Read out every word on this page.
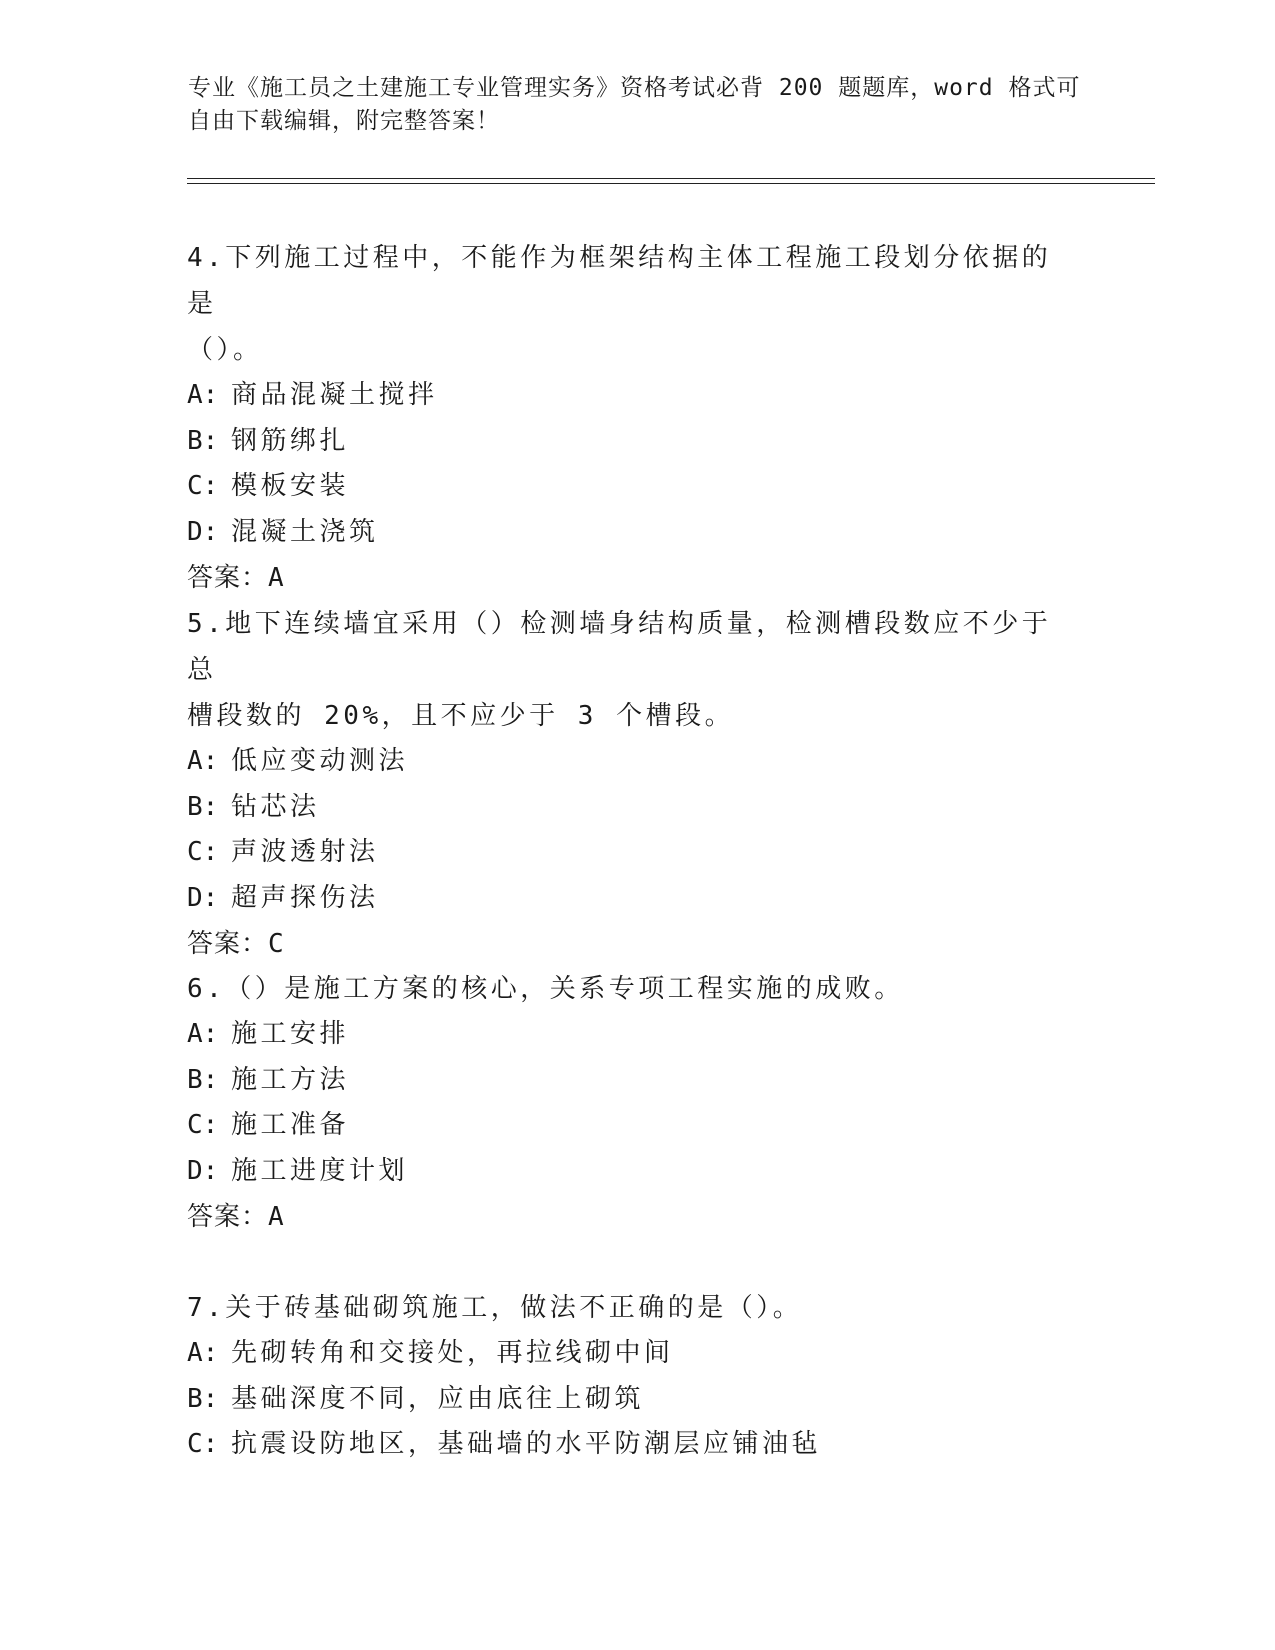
专业《施工员之土建施工专业管理实务》资格考试必背 200 题题库，word 格式可
自由下载编辑，附完整答案！

4.下列施工过程中，不能作为框架结构主体工程施工段划分依据的是

（）。

A: 商品混凝土搅拌

B: 钢筋绑扎

C: 模板安装

D: 混凝土浇筑

答案：A

5.地下连续墙宜采用（）检测墙身结构质量，检测槽段数应不少于总

槽段数的 20%，且不应少于 3 个槽段。

A: 低应变动测法

B: 钻芯法

C: 声波透射法

D: 超声探伤法

答案：C

6.（）是施工方案的核心，关系专项工程实施的成败。

A: 施工安排

B: 施工方法

C: 施工准备

D: 施工进度计划

答案：A

7.关于砖基础砌筑施工，做法不正确的是（）。

A: 先砌转角和交接处，再拉线砌中间

B: 基础深度不同，应由底往上砌筑

C: 抗震设防地区，基础墙的水平防潮层应铺油毡
